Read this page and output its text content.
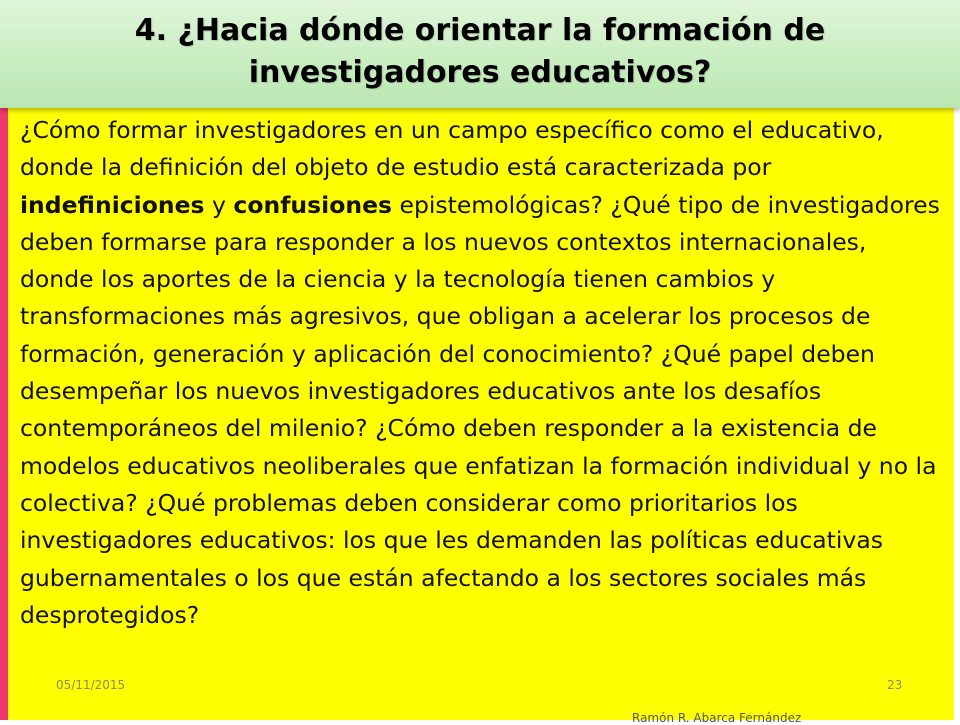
4. ¿Hacia dónde orientar la formación de investigadores educativos?
¿Cómo formar investigadores en un campo específico como el educativo, donde la definición del objeto de estudio está caracterizada por indefiniciones y confusiones epistemológicas? ¿Qué tipo de investigadores deben formarse para responder a los nuevos contextos internacionales, donde los aportes de la ciencia y la tecnología tienen cambios y transformaciones más agresivos, que obligan a acelerar los procesos de formación, generación y aplicación del conocimiento? ¿Qué papel deben desempeñar los nuevos investigadores educativos ante los desafíos contemporáneos del milenio? ¿Cómo deben responder a la existencia de modelos educativos neoliberales que enfatizan la formación individual y no la colectiva? ¿Qué problemas deben considerar como prioritarios los investigadores educativos: los que les demanden las políticas educativas gubernamentales o los que están afectando a los sectores sociales más desprotegidos?
05/11/2015	23
Ramón R. Abarca Fernández
